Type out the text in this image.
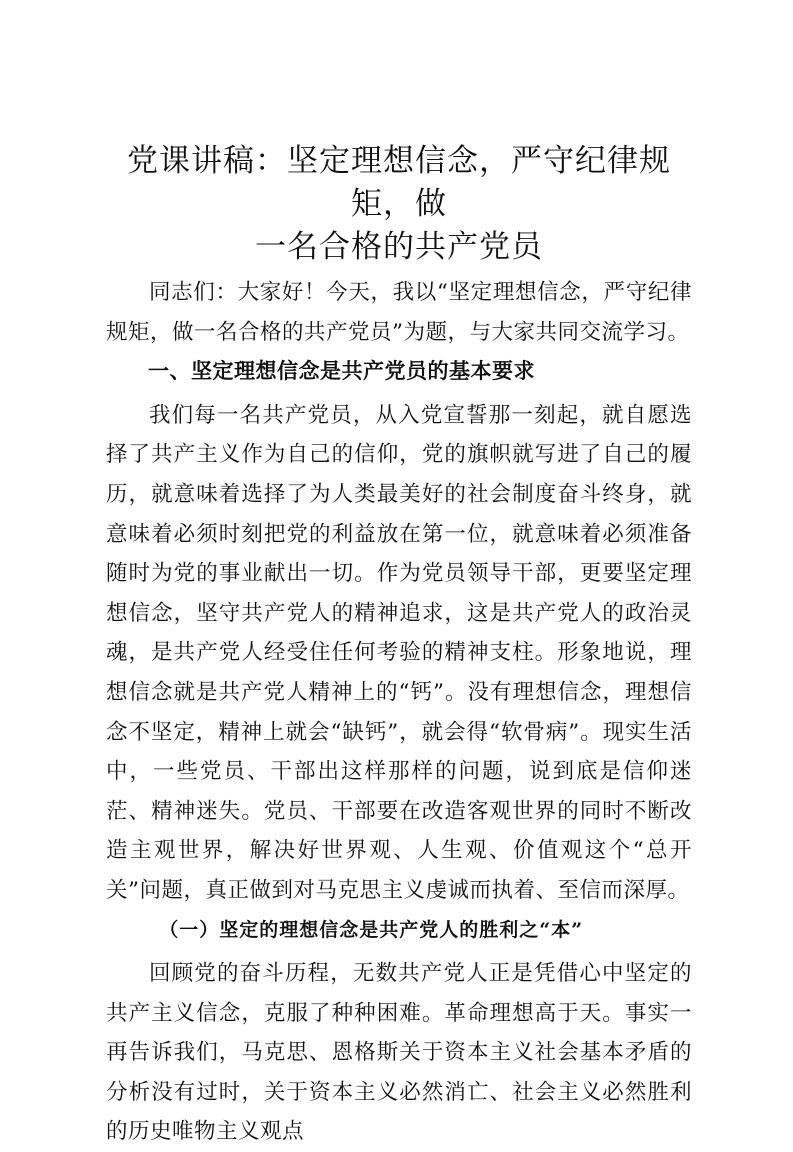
党课讲稿：坚定理想信念，严守纪律规矩，做
一名合格的共产党员

同志们：大家好！今天，我以“坚定理想信念，严守纪律规矩，做一名合格的共产党员”为题，与大家共同交流学习。

一、坚定理想信念是共产党员的基本要求

我们每一名共产党员，从入党宣誓那一刻起，就自愿选择了共产主义作为自己的信仰，党的旗帜就写进了自己的履历，就意味着选择了为人类最美好的社会制度奋斗终身，就意味着必须时刻把党的利益放在第一位，就意味着必须准备随时为党的事业献出一切。作为党员领导干部，更要坚定理想信念，坚守共产党人的精神追求，这是共产党人的政治灵魂，是共产党人经受住任何考验的精神支柱。形象地说，理想信念就是共产党人精神上的“钙”。没有理想信念，理想信念不坚定，精神上就会“缺钙”，就会得“软骨病”。现实生活中，一些党员、干部出这样那样的问题，说到底是信仰迷茫、精神迷失。党员、干部要在改造客观世界的同时不断改造主观世界，解决好世界观、人生观、价值观这个“总开关”问题，真正做到对马克思主义虔诚而执着、至信而深厚。

（一）坚定的理想信念是共产党人的胜利之“本”

回顾党的奋斗历程，无数共产党人正是凭借心中坚定的共产主义信念，克服了种种困难。革命理想高于天。事实一再告诉我们，马克思、恩格斯关于资本主义社会基本矛盾的分析没有过时，关于资本主义必然消亡、社会主义必然胜利的历史唯物主义观点
